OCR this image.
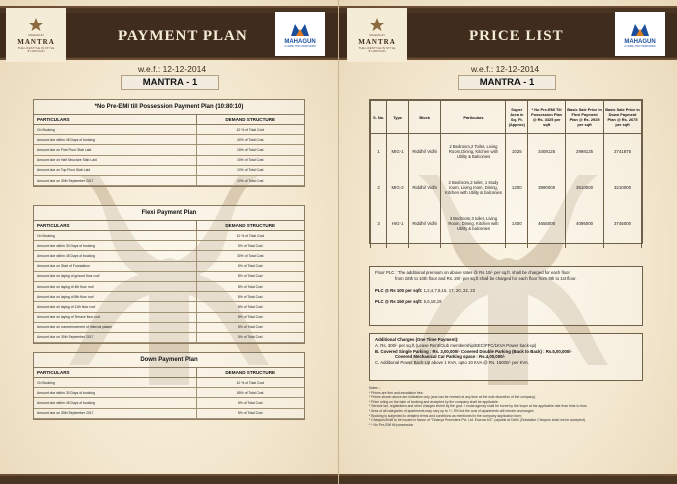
MAHAGUN
MANTRA
THE LIFESTYLE IN STYLE
BY MAHAGUN
PAYMENT PLAN	MAHAGUN
A NAME THAT PERFORMS
w.e.f.: 12-12-2014
MANTRA - 1
*No Pre-EMI till Possession Payment Plan (10:80:10)
PARTICULARS	DEMAND STRUCTURE
On Booking	10 % of Total Cost
Amount due within 45 Days of booking	40% of Total Cost
Amount due on First Floor Slab Laid	15% of Total Cost
Amount due on Half Structure Slab Laid	15% of Total Cost
Amount due on Top Floor Slab Laid	10% of Total Cost
Amount due on 30th September 2017	10% of Total Cost
Flexi Payment Plan
PARTICULARS	DEMAND STRUCTURE
On Booking	10 % of Total Cost
Amount due within 30 Days of booking	5% of Total Cost
Amount due within 45 Days of booking	30% of Total Cost
Amount due on Start of Foundation	5% of Total Cost
Amount due on laying of ground floor roof	8% of Total Cost
Amount due on laying of 4th floor roof	8% of Total Cost
Amount due on laying of 8th floor roof	8% of Total Cost
Amount due on laying of 11th floor roof	8% of Total Cost
Amount due on laying of Terrace floor roof	8% of Total Cost
Amount due on commencement of Internal plaster	5% of Total Cost
Amount due on 30th September 2017	5% of Total Cost
Down Payment Plan
PARTICULARS	DEMAND STRUCTURE
On Booking	10 % of Total Cost
Amount due within 30 Days of booking	85% of Total Cost
Amount due within 45 Days of booking	5% of Total Cost
Amount due on 30th September 2017	5% of Total Cost
MAHAGUN
MANTRA
THE LIFESTYLE IN STYLE
BY MAHAGUN
PRICE LIST	MAHAGUN
A NAME THAT PERFORMS
w.e.f.: 12-12-2014
MANTRA - 1
S. No.	Type	Block	Particulars	Super Area in Sq. Ft. (Approx)	* No Pre-EMI Till Possession Plan @ Rs. 3325 per sqft	Basic Sale Price in Flexi Payment Plan @ Rs. 2925 per sqft	Basic Sale Price in Down Payment Plan @ Rs. 2675 per sqft
1	MIG-1	Riddhi/ Vidhi	2 Bedroom,2 Toilet, Living Room,Dining, Kitchen with Utility & Balconies	1025	3408125	2998125	2741875
2	MIG-2	Riddhi/ Vidhi	2 Bedroom,2 toilet, 1 study room, Living room, Dining, Kitchen with Utility & balconies	1200	3990000	3510000	3210000
3	HIG-1	Riddhi/ Vidhi	3 Bedroom,3 toilet, Living Room, Dining, Kitchen with Utility & balconies	1400	4655000	4095000	3745000

Floor PLC : The additional premium on above rates @ Rs 10/- per sq.ft. shall be charged for each floor
from 18th to 10th floor and Rs. 20/- per sq.ft shall be charged for each floor from 9th to 1st floor.
PLC @ Rs 100 per sqft: 1,2,4,7,8,16, 17, 20, 22, 23
PLC @ Rs 150 per sqft: 5,6,18,19
Additional Charges (One Time Payment):
A. Rs. 300/- per sq.ft.(Lease Rent/Club membership/EEC/FFC/1KVA Power back-up)
B. Covered Single Parking : Rs. 3,00,000/- Covered Double Parking (Back to Back) : Rs.5,00,000/-
Covered Mechanical Car Parking space : Rs.4,00,000/-
C. Additional Power Back-Up above 1 KVA, upto 10 KVA @ Rs. 15000/- per KVA.
Notes :-
* Prices are firm and escalation free.
* Prices shown above are indicative only (and can be revised at any time at the sole discretion of the company).
* Price ruling on the date of booking and accepted by the company shall be applicable.
* Service tax, registration and other charges levied by the govt. / nodal agency shall be borne by the buyer at the applicable rate from time to time.
* Area of all categories of apartments may vary up to +/- 5% but the cost of apartments will remain unchanged.
* Booking is subjected to detailed terms and conditions as mentioned in the company application form.
* Cheques/Draft to be issued in favour of "Dhanya Promoters Pvt. Ltd. Escrow A/C" payable at Delhi (Outstation Cheques shall not be accepted).
* * No Pre-EMI till possession
